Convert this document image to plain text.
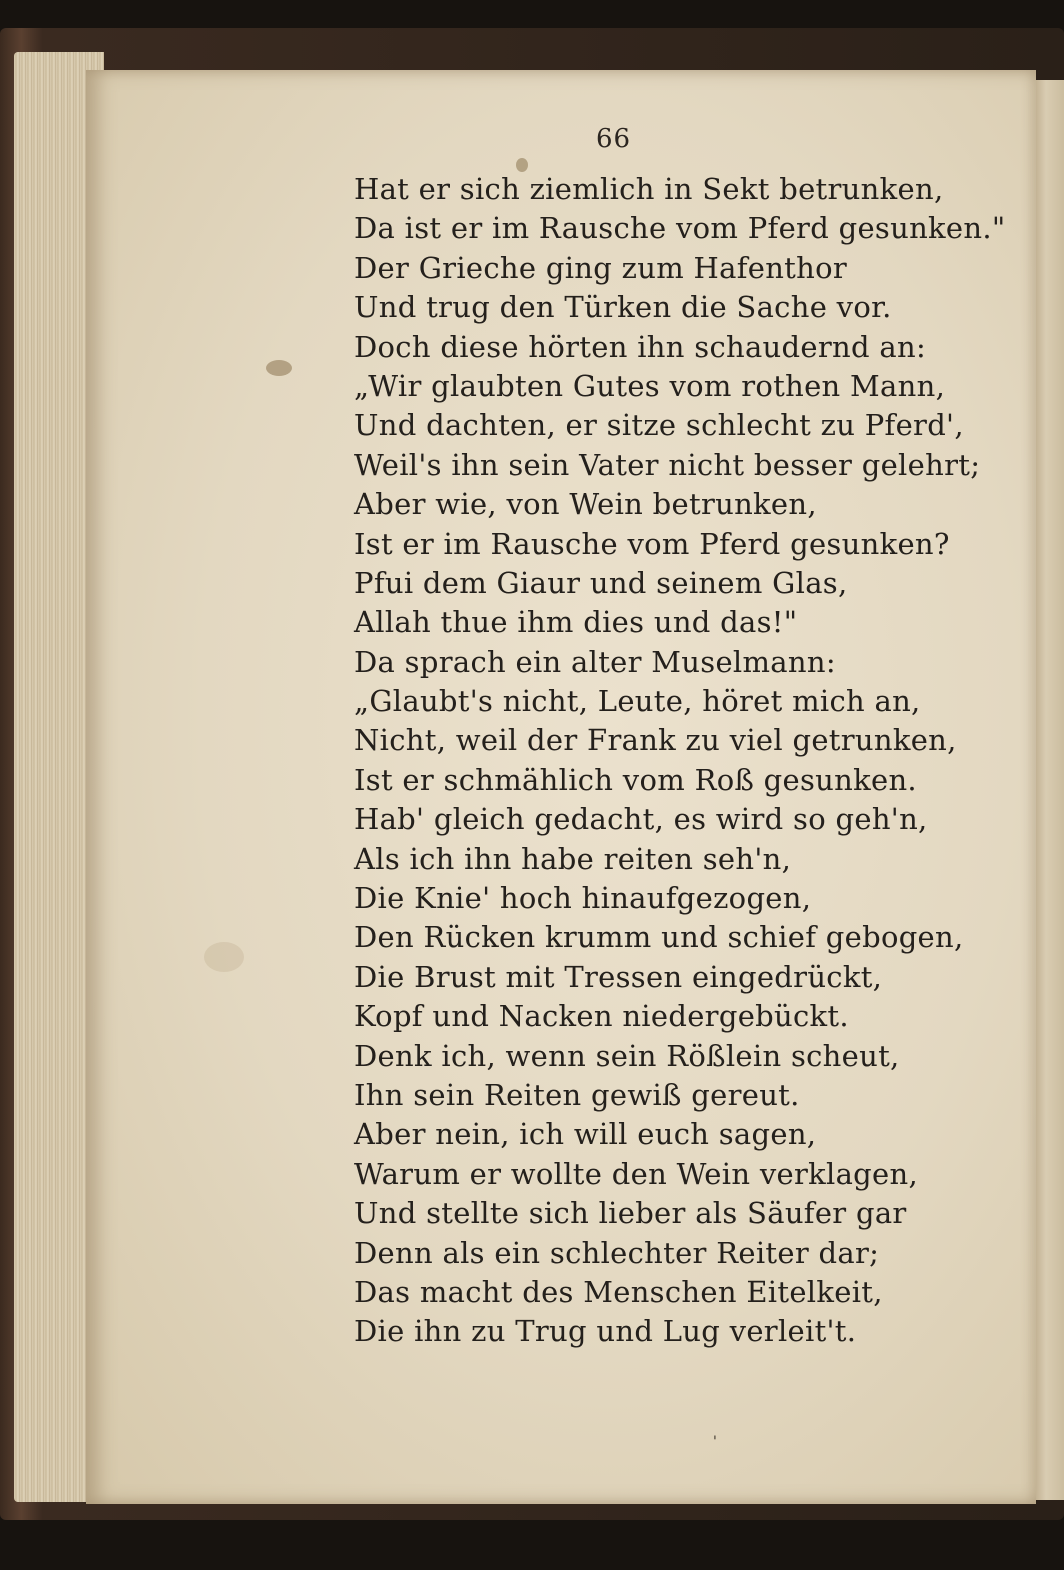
66
Hat er sich ziemlich in Sekt betrunken,
Da ist er im Rausche vom Pferd gesunken."
Der Grieche ging zum Hafenthor
Und trug den Türken die Sache vor.
Doch diese hörten ihn schaudernd an:
„Wir glaubten Gutes vom rothen Mann,
Und dachten, er sitze schlecht zu Pferd',
Weil's ihn sein Vater nicht besser gelehrt;
Aber wie, von Wein betrunken,
Ist er im Rausche vom Pferd gesunken?
Pfui dem Giaur und seinem Glas,
Allah thue ihm dies und das!"
Da sprach ein alter Muselmann:
„Glaubt's nicht, Leute, höret mich an,
Nicht, weil der Frank zu viel getrunken,
Ist er schmählich vom Roß gesunken.
Hab' gleich gedacht, es wird so geh'n,
Als ich ihn habe reiten seh'n,
Die Knie' hoch hinaufgezogen,
Den Rücken krumm und schief gebogen,
Die Brust mit Tressen eingedrückt,
Kopf und Nacken niedergebückt.
Denk ich, wenn sein Rößlein scheut,
Ihn sein Reiten gewiß gereut.
Aber nein, ich will euch sagen,
Warum er wollte den Wein verklagen,
Und stellte sich lieber als Säufer gar
Denn als ein schlechter Reiter dar;
Das macht des Menschen Eitelkeit,
Die ihn zu Trug und Lug verleit't.
'
